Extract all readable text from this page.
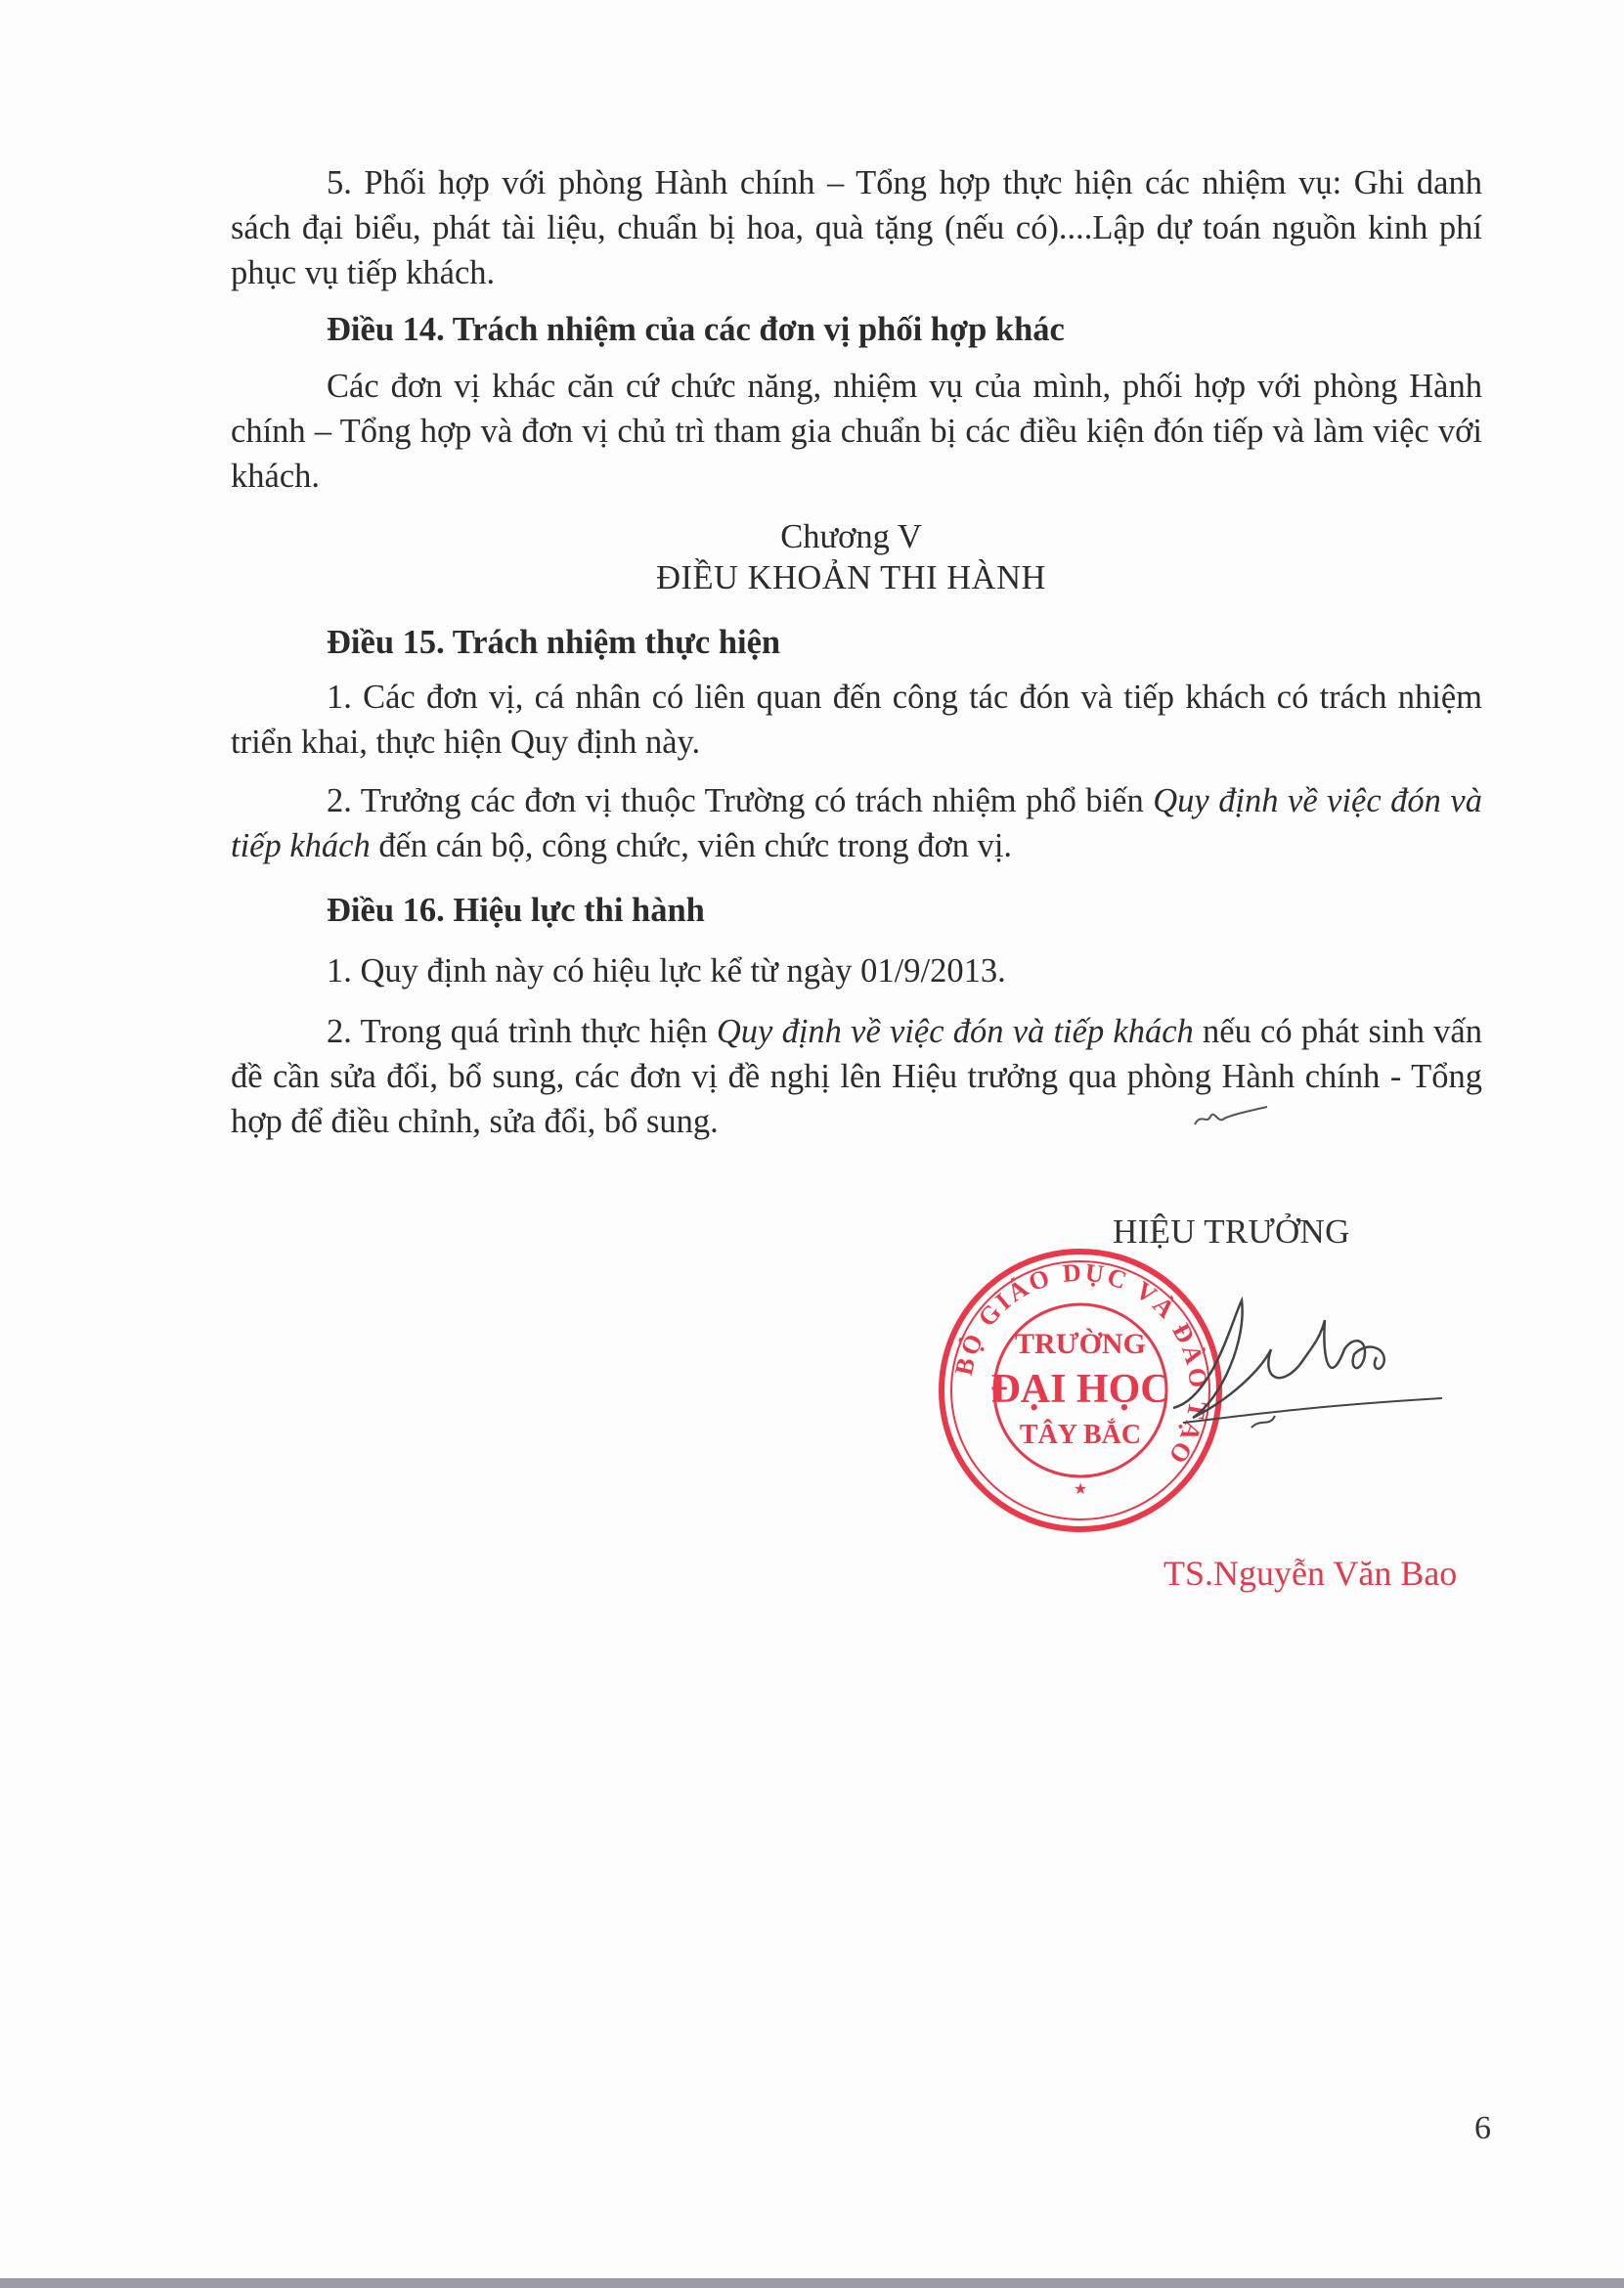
5. Phối hợp với phòng Hành chính – Tổng hợp thực hiện các nhiệm vụ: Ghi danh sách đại biểu, phát tài liệu, chuẩn bị hoa, quà tặng (nếu có)....Lập dự toán nguồn kinh phí phục vụ tiếp khách.

Điều 14. Trách nhiệm của các đơn vị phối hợp khác

Các đơn vị khác căn cứ chức năng, nhiệm vụ của mình, phối hợp với phòng Hành chính – Tổng hợp và đơn vị chủ trì tham gia chuẩn bị các điều kiện đón tiếp và làm việc với khách.

Chương V

ĐIỀU KHOẢN THI HÀNH

Điều 15. Trách nhiệm thực hiện

1. Các đơn vị, cá nhân có liên quan đến công tác đón và tiếp khách có trách nhiệm triển khai, thực hiện Quy định này.

2. Trưởng các đơn vị thuộc Trường có trách nhiệm phổ biến Quy định về việc đón và tiếp khách đến cán bộ, công chức, viên chức trong đơn vị.

Điều 16. Hiệu lực thi hành

1. Quy định này có hiệu lực kể từ ngày 01/9/2013.

2. Trong quá trình thực hiện Quy định về việc đón và tiếp khách nếu có phát sinh vấn đề cần sửa đổi, bổ sung, các đơn vị đề nghị lên Hiệu trưởng qua phòng Hành chính - Tổng hợp để điều chỉnh, sửa đổi, bổ sung.

HIỆU TRƯỞNG

BỘ GIÁO DỤC VÀ ĐÀO TẠO
TRƯỜNG
ĐẠI HỌC
TÂY BẮC
★

TS.Nguyễn Văn Bao

6
